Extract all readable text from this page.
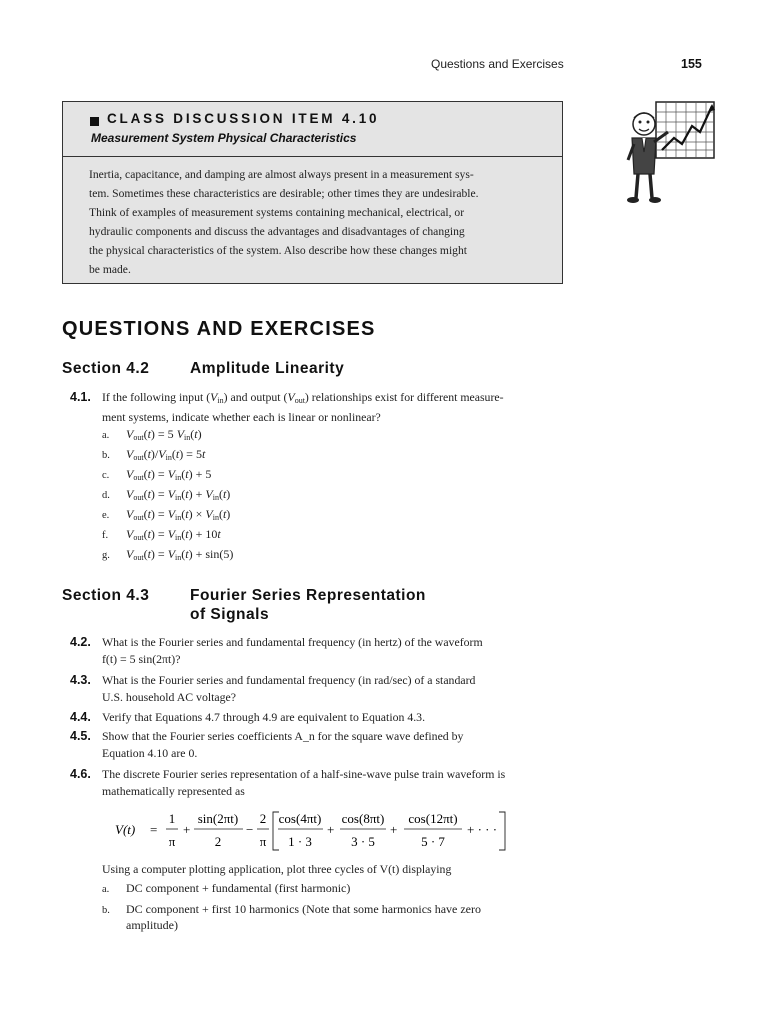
Questions and Exercises	155
CLASS DISCUSSION ITEM 4.10
Measurement System Physical Characteristics
Inertia, capacitance, and damping are almost always present in a measurement sys-
tem. Sometimes these characteristics are desirable; other times they are undesirable.
Think of examples of measurement systems containing mechanical, electrical, or
hydraulic components and discuss the advantages and disadvantages of changing
the physical characteristics of the system. Also describe how these changes might
be made.
QUESTIONS AND EXERCISES
Section 4.2	Amplitude Linearity
4.1. If the following input $(V_{in})$ and output $(V_{out})$ relationships exist for different measure-
ment systems, indicate whether each is linear or nonlinear?
a. $V_{out}(t) = 5$ $V_{in}(t)$
b. $V_{out}(t)/V_{in}(t) = 5t$
c. $V_{out}(t) = V_{in}(t) + 5$
d. $V_{out}(t) = V_{in}(t) + V_{in}(t)$
e. $V_{out}(t) = V_{in}(t) \times V_{in}(t)$
f. $V_{out}(t) = V_{in}(t) + 10t$
g. $V_{out}(t) = V_{in}(t) + \sin(5)$
Section 4.3	Fourier Series Representation
of Signals
4.2. What is the Fourier series and fundamental frequency (in hertz) of the waveform
f(t) = 5 sin(2πt)?
4.3. What is the Fourier series and fundamental frequency (in rad/sec) of a standard
U.S. household AC voltage?
4.4. Verify that Equations 4.7 through 4.9 are equivalent to Equation 4.3.
4.5. Show that the Fourier series coefficients A_n for the square wave defined by
Equation 4.10 are 0.
4.6. The discrete Fourier series representation of a half-sine-wave pulse train waveform is
mathematically represented as
V(t) =
1
π
+
sin(2πt)
2
−
2
π
cos(4πt)
1 · 3
+
cos(8πt)
3 · 5
+
cos(12πt)
5 · 7
+ · · ·
Using a computer plotting application, plot three cycles of V(t) displaying
a. DC component + fundamental (first harmonic)
b. DC component + first 10 harmonics (Note that some harmonics have zero
amplitude)
